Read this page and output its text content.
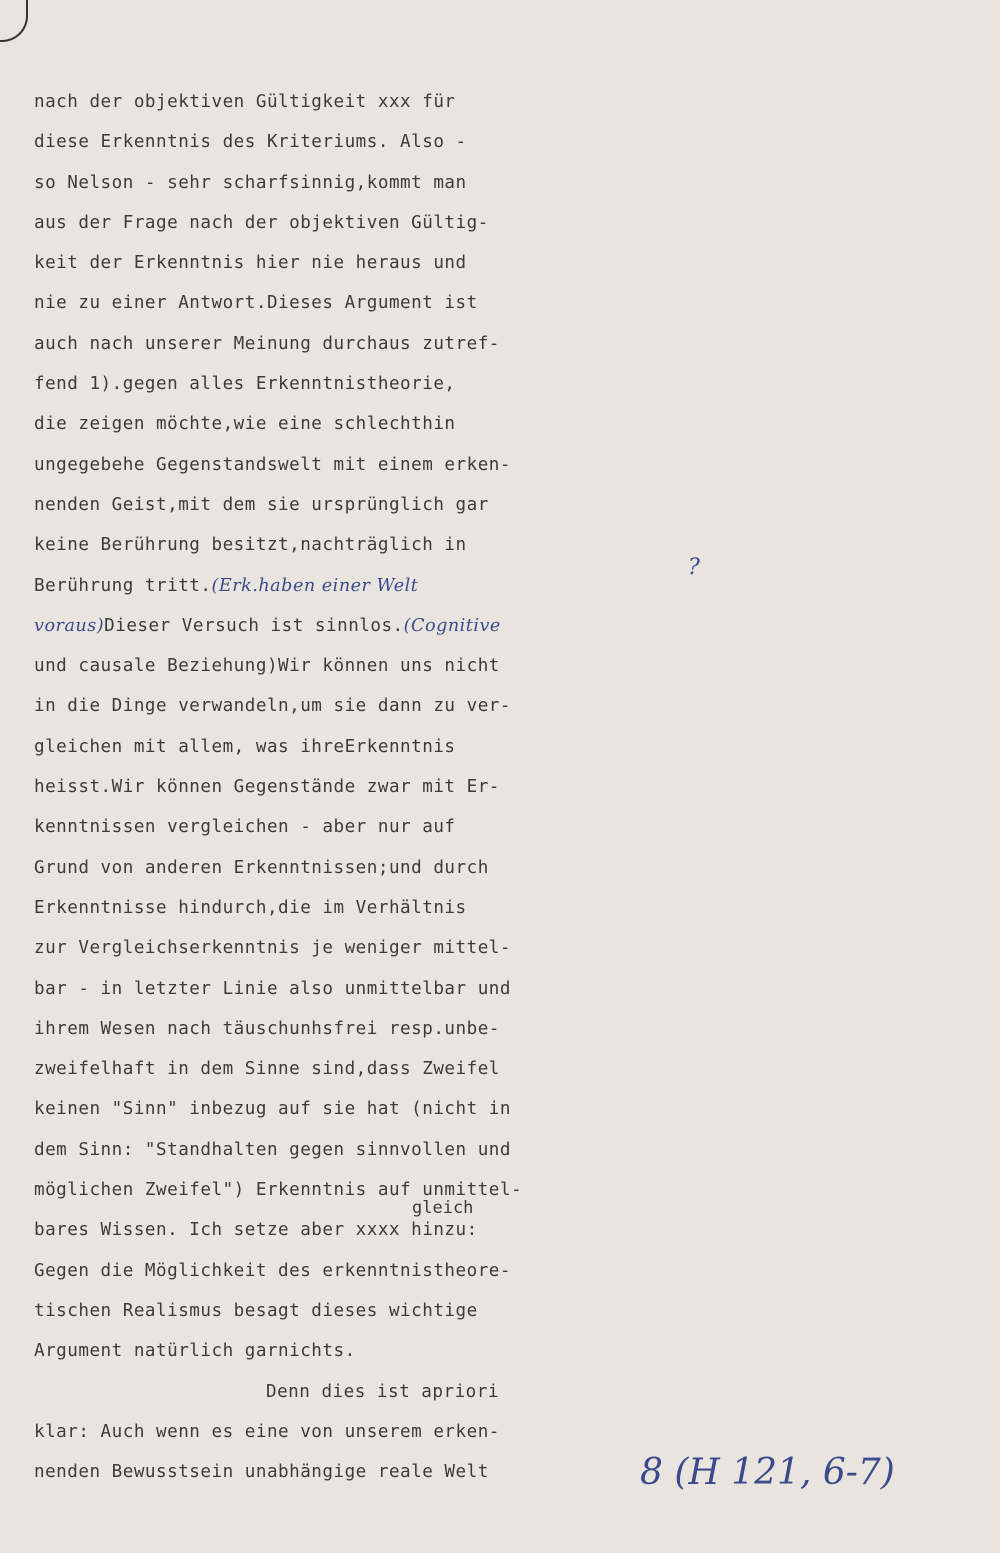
nach der objektiven Gültigkeit xxx für
diese Erkenntnis des Kriteriums. Also -
so Nelson - sehr scharfsinnig,kommt man
aus der Frage nach der objektiven Gültig-
keit der Erkenntnis hier nie heraus und
nie zu einer Antwort.Dieses Argument ist
auch nach unserer Meinung durchaus zutref-
fend 1).gegen alles Erkenntnistheorie,
die zeigen möchte,wie eine schlechthin
ungegebehe Gegenstandswelt mit einem erken-
nenden Geist,mit dem sie ursprünglich gar
keine Berührung besitzt,nachträglich in
Berührung tritt.(Erk.haben einer Welt
voraus)Dieser Versuch ist sinnlos.(Cognitive
und causale Beziehung)Wir können uns nicht
in die Dinge verwandeln,um sie dann zu ver-
gleichen mit allem, was ihreErkenntnis
heisst.Wir können Gegenstände zwar mit Er-
kenntnissen vergleichen - aber nur auf
Grund von anderen Erkenntnissen;und durch
Erkenntnisse hindurch,die im Verhältnis
zur Vergleichserkenntnis je weniger mittel-
bar - in letzter Linie also unmittelbar und
ihrem Wesen nach täuschunhsfrei resp.unbe-
zweifelhaft in dem Sinne sind,dass Zweifel
keinen "Sinn" inbezug auf sie hat (nicht in
dem Sinn: "Standhalten gegen sinnvollen und
möglichen Zweifel") Erkenntnis auf unmittel-
bares Wissen. Ich setze aber xxxx hinzu:
Gegen die Möglichkeit des erkenntnistheore-
tischen Realismus besagt dieses wichtige
Argument natürlich garnichts.
Denn dies ist apriori
klar: Auch wenn es eine von unserem erken-
nenden Bewusstsein unabhängige reale Welt
gleich
?
8 (H 121, 6-7)
